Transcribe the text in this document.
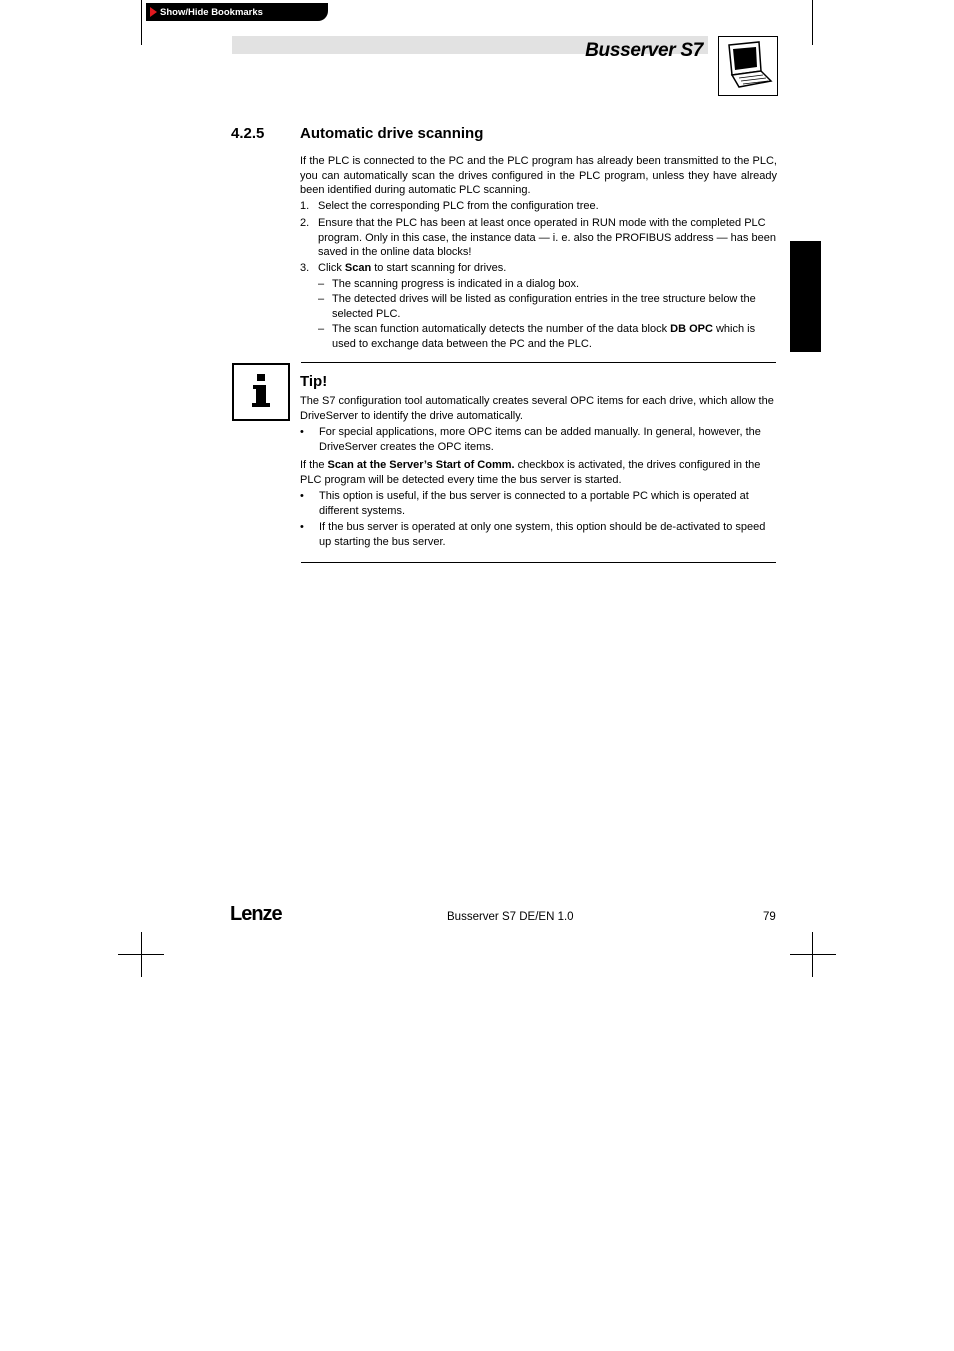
Show/Hide Bookmarks
Busserver S7
4.2.5 Automatic drive scanning
If the PLC is connected to the PC and the PLC program has already been transmitted to the PLC, you can automatically scan the drives configured in the PLC program, unless they have already been identified during automatic PLC scanning.
1. Select the corresponding PLC from the configuration tree.
2. Ensure that the PLC has been at least once operated in RUN mode with the completed PLC program. Only in this case, the instance data — i. e. also the PROFIBUS address — has been saved in the online data blocks!
3. Click Scan to start scanning for drives.
– The scanning progress is indicated in a dialog box.
– The detected drives will be listed as configuration entries in the tree structure below the selected PLC.
– The scan function automatically detects the number of the data block DB OPC which is used to exchange data between the PC and the PLC.
Tip!
The S7 configuration tool automatically creates several OPC items for each drive, which allow the DriveServer to identify the drive automatically.
• For special applications, more OPC items can be added manually. In general, however, the DriveServer creates the OPC items.
If the Scan at the Server’s Start of Comm. checkbox is activated, the drives configured in the PLC program will be detected every time the bus server is started.
• This option is useful, if the bus server is connected to a portable PC which is operated at different systems.
• If the bus server is operated at only one system, this option should be de-activated to speed up starting the bus server.
Lenze	Busserver S7 DE/EN 1.0	79
